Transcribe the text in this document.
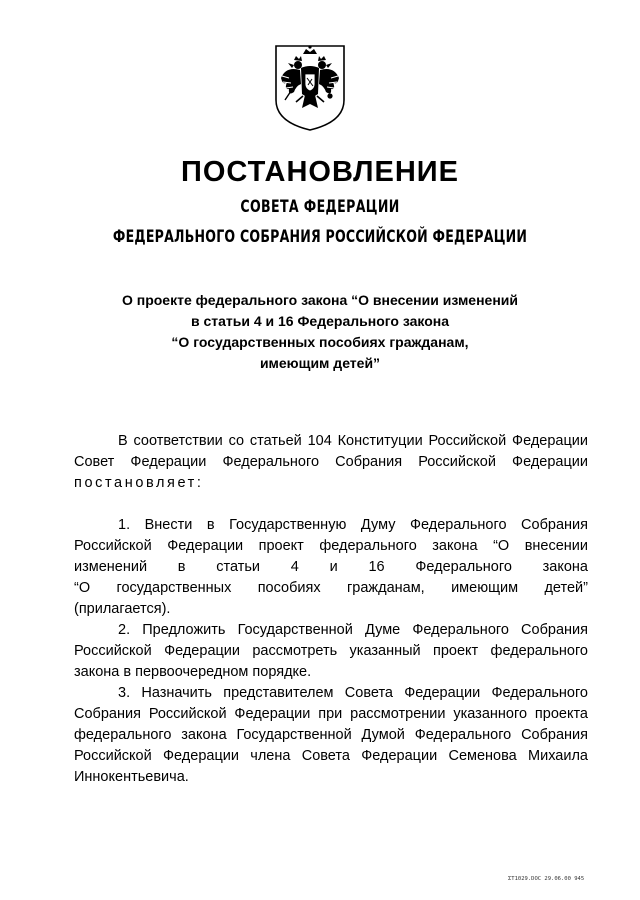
ПОСТАНОВЛЕНИЕ
СОВЕТА ФЕДЕРАЦИИ
ФЕДЕРАЛЬНОГО СОБРАНИЯ РОССИЙСКОЙ ФЕДЕРАЦИИ
О проекте федерального закона “О внесении изменений
в статьи 4 и 16 Федерального закона
“О государственных пособиях гражданам,
имеющим детей”

В соответствии со статьей 104 Конституции Российской Федерации Совет Федерации Федерального Собрания Российской Федерации постановляет:

1. Внести в Государственную Думу Федерального Собрания
Российской Федерации проект федерального закона “О внесении
изменений в статьи 4 и 16 Федерального закона
“О государственных пособиях гражданам, имеющим детей”
(прилагается).

2. Предложить Государственной Думе Федерального Собрания Российской Федерации рассмотреть указанный проект федерального закона в первоочередном порядке.

3. Назначить представителем Совета Федерации Федерального Собрания Российской Федерации при рассмотрении указанного проекта федерального закона Государственной Думой Федерального Собрания Российской Федерации члена Совета Федерации Семенова Михаила Иннокентьевича.

ΣΤ1029.DOC 29.06.00 945
